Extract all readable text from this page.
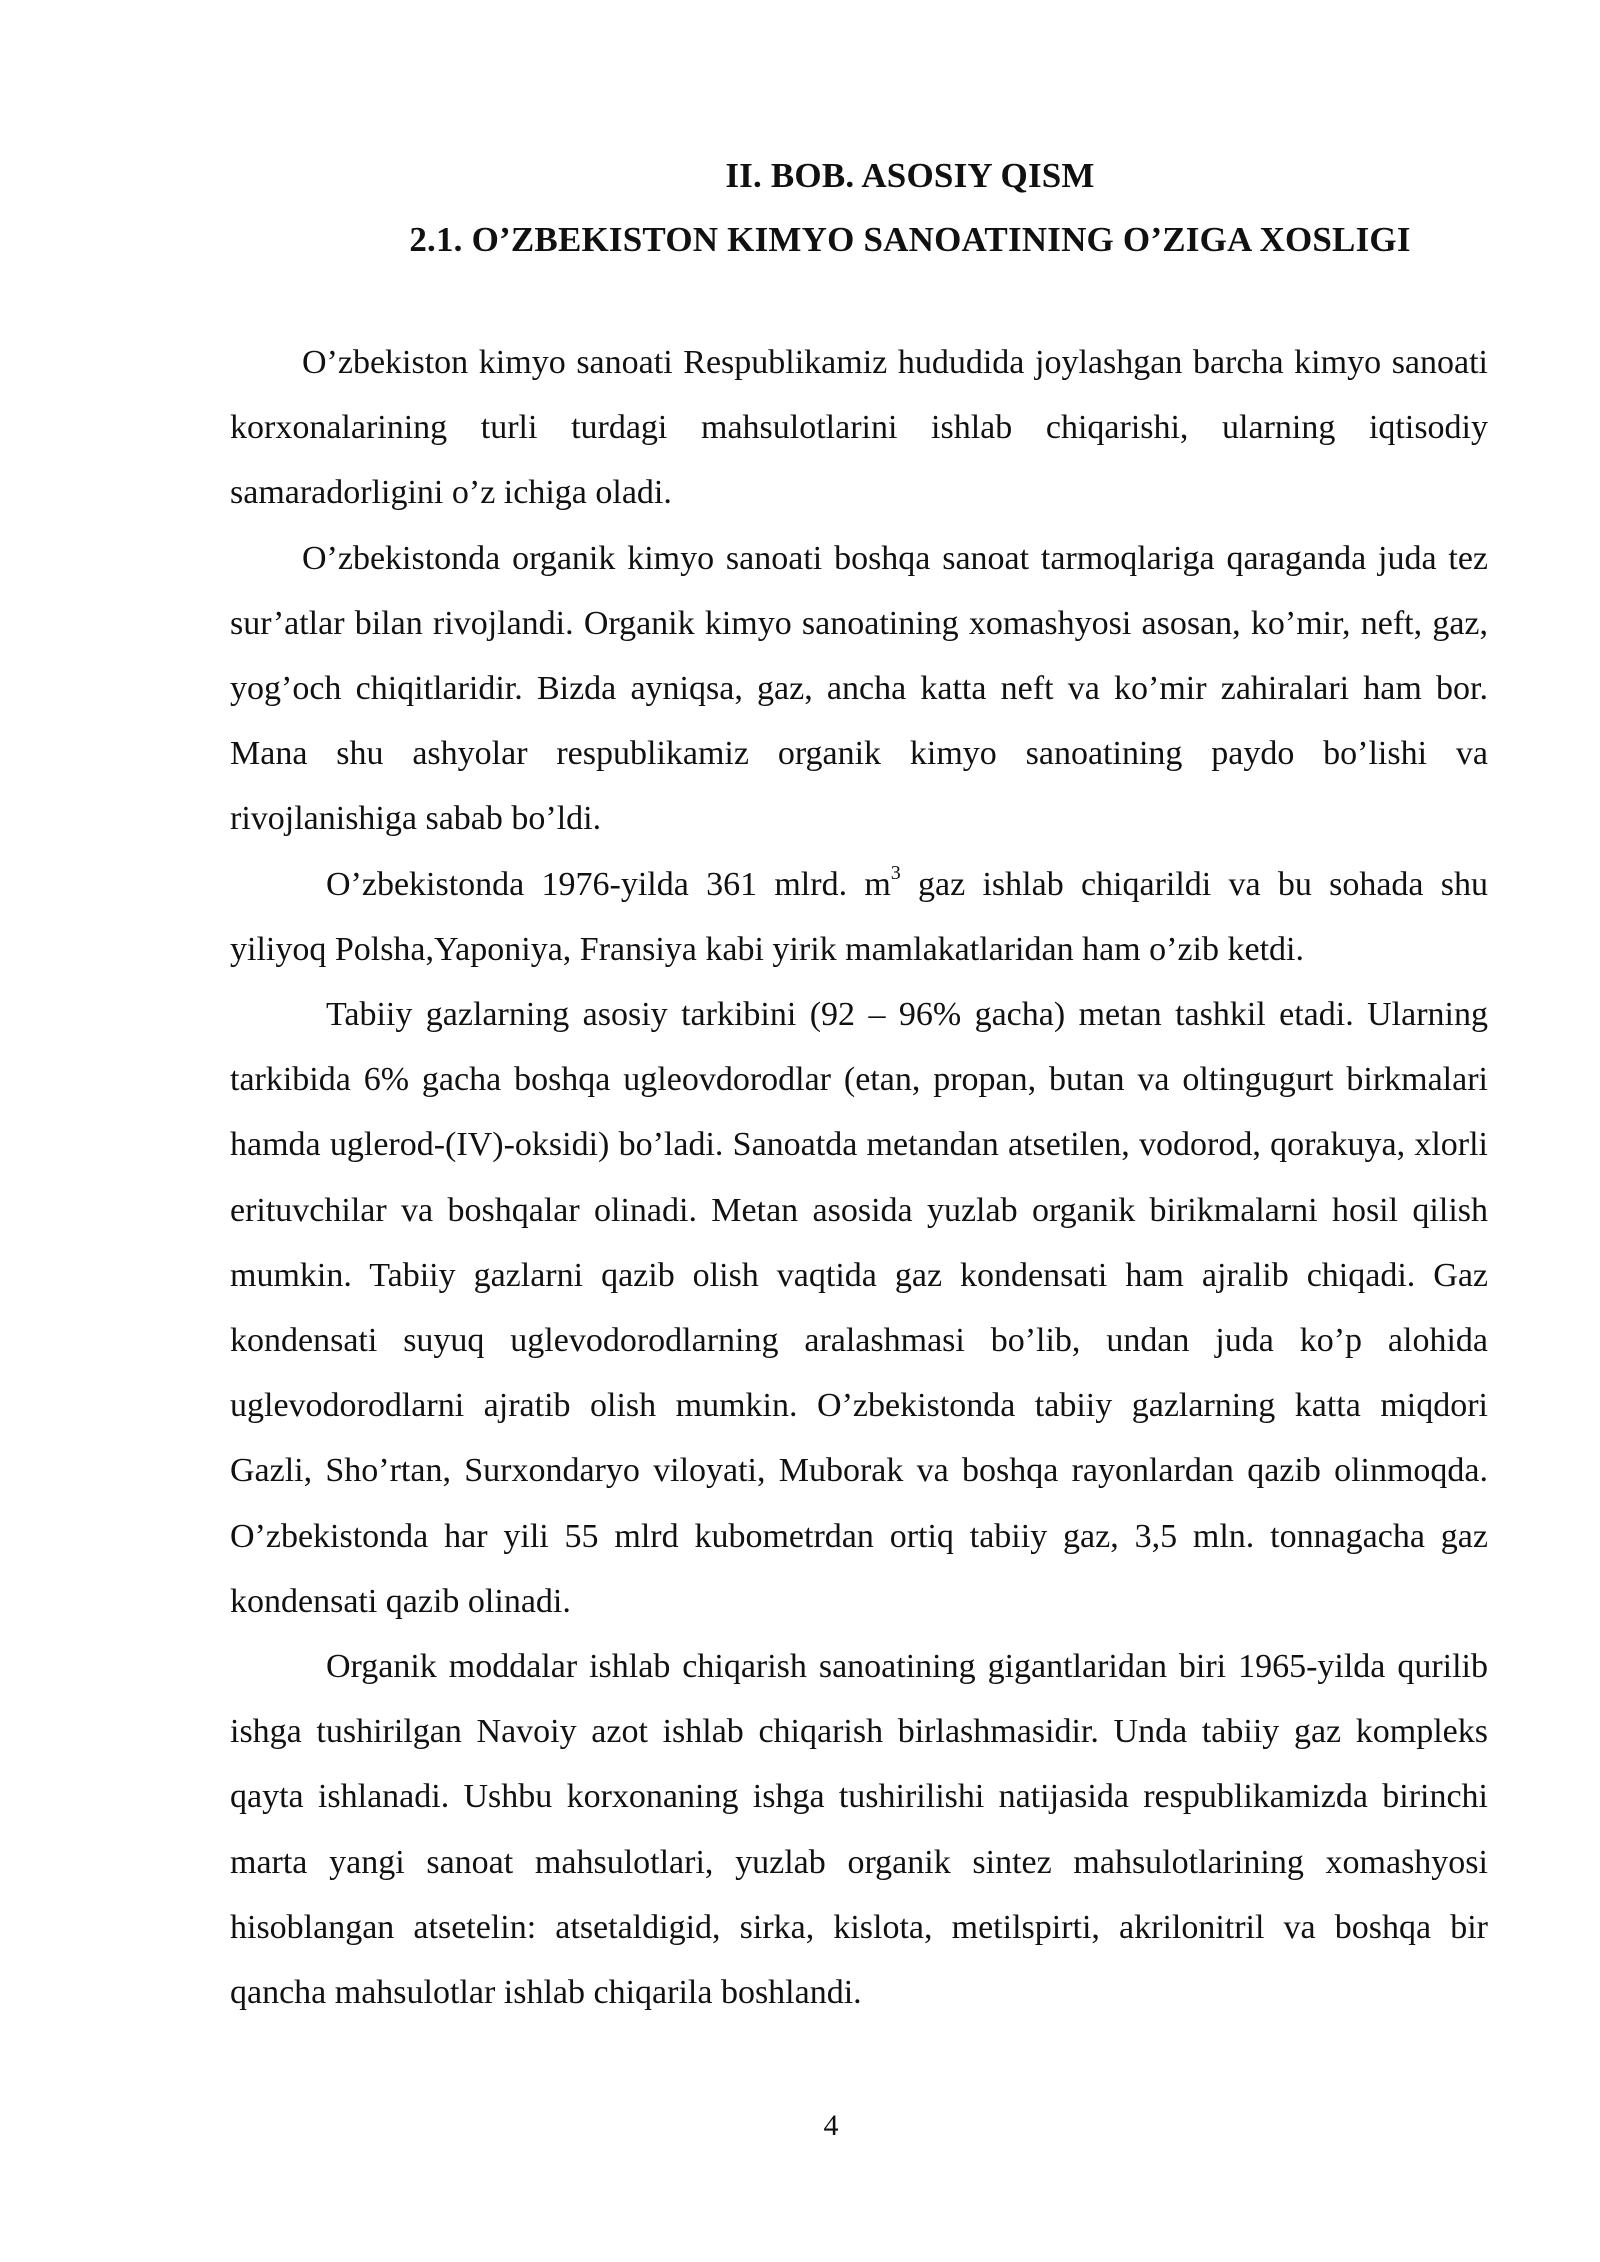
II. BOB. ASOSIY QISM
2.1. O’ZBEKISTON KIMYO SANOATINING O’ZIGA XOSLIGI

O’zbekiston kimyo sanoati Respublikamiz hududida joylashgan barcha kimyo sanoati korxonalarining turli turdagi mahsulotlarini ishlab chiqarishi, ularning iqtisodiy samaradorligini o’z ichiga oladi.

O’zbekistonda organik kimyo sanoati boshqa sanoat tarmoqlariga qaraganda juda tez sur’atlar bilan rivojlandi. Organik kimyo sanoatining xomashyosi asosan, ko’mir, neft, gaz, yog’och chiqitlaridir. Bizda ayniqsa, gaz, ancha katta neft va ko’mir zahiralari ham bor. Mana shu ashyolar respublikamiz organik kimyo sanoatining paydo bo’lishi va rivojlanishiga sabab bo’ldi.

O’zbekistonda 1976-yilda 361 mlrd. $m^3$ gaz ishlab chiqarildi va bu sohada shu yiliyoq Polsha,Yaponiya, Fransiya kabi yirik mamlakatlaridan ham o’zib ketdi.

Tabiiy gazlarning asosiy tarkibini (92 – 96% gacha) metan tashkil etadi. Ularning tarkibida 6% gacha boshqa ugleovdorodlar (etan, propan, butan va oltingugurt birkmalari hamda uglerod-(IV)-oksidi) bo’ladi. Sanoatda metandan atsetilen, vodorod, qorakuya, xlorli erituvchilar va boshqalar olinadi. Metan asosida yuzlab organik birikmalarni hosil qilish mumkin. Tabiiy gazlarni qazib olish vaqtida gaz kondensati ham ajralib chiqadi. Gaz kondensati suyuq uglevodorodlarning aralashmasi bo’lib, undan juda ko’p alohida uglevodorodlarni ajratib olish mumkin. O’zbekistonda tabiiy gazlarning katta miqdori Gazli, Sho’rtan, Surxondaryo viloyati, Muborak va boshqa rayonlardan qazib olinmoqda. O’zbekistonda har yili 55 mlrd kubometrdan ortiq tabiiy gaz, 3,5 mln. tonnagacha gaz kondensati qazib olinadi.

Organik moddalar ishlab chiqarish sanoatining gigantlaridan biri 1965-yilda qurilib ishga tushirilgan Navoiy azot ishlab chiqarish birlashmasidir. Unda tabiiy gaz kompleks qayta ishlanadi. Ushbu korxonaning ishga tushirilishi natijasida respublikamizda birinchi marta yangi sanoat mahsulotlari, yuzlab organik sintez mahsulotlarining xomashyosi hisoblangan atsetelin: atsetaldigid, sirka, kislota, metilspirti, akrilonitril va boshqa bir qancha mahsulotlar ishlab chiqarila boshlandi.

4
